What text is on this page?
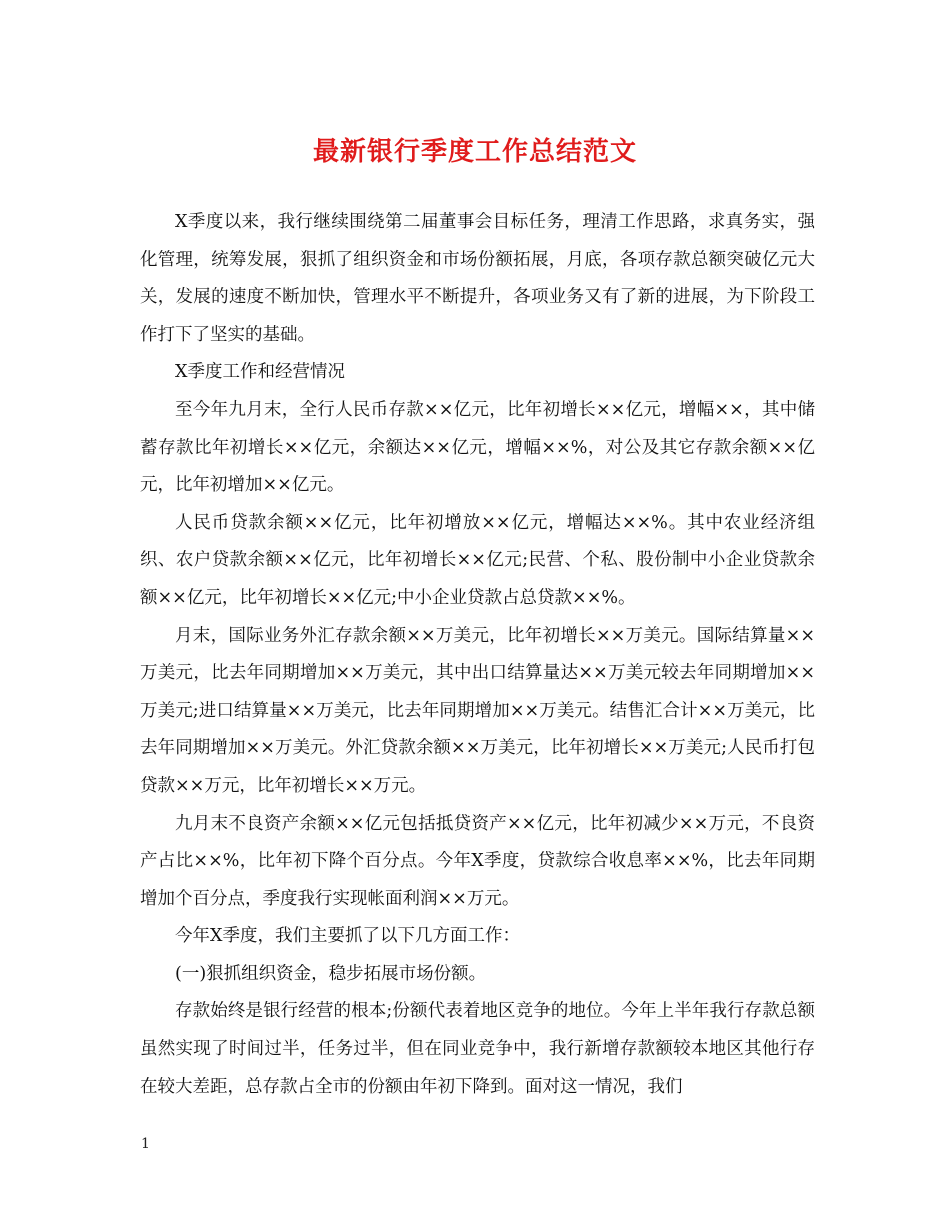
最新银行季度工作总结范文

X季度以来，我行继续围绕第二届董事会目标任务，理清工作思路，求真务实，强化管理，统筹发展，狠抓了组织资金和市场份额拓展，月底，各项存款总额突破亿元大关，发展的速度不断加快，管理水平不断提升，各项业务又有了新的进展，为下阶段工作打下了坚实的基础。

X季度工作和经营情况

至今年九月末，全行人民币存款××亿元，比年初增长××亿元，增幅××，其中储蓄存款比年初增长××亿元，余额达××亿元，增幅××%，对公及其它存款余额××亿元，比年初增加××亿元。

人民币贷款余额××亿元，比年初增放××亿元，增幅达××%。其中农业经济组织、农户贷款余额××亿元，比年初增长××亿元;民营、个私、股份制中小企业贷款余额××亿元，比年初增长××亿元;中小企业贷款占总贷款××%。

月末，国际业务外汇存款余额××万美元，比年初增长××万美元。国际结算量××万美元，比去年同期增加××万美元，其中出口结算量达××万美元较去年同期增加××万美元;进口结算量××万美元，比去年同期增加××万美元。结售汇合计××万美元，比去年同期增加××万美元。外汇贷款余额××万美元，比年初增长××万美元;人民币打包贷款××万元，比年初增长××万元。

九月末不良资产余额××亿元包括抵贷资产××亿元，比年初减少××万元，不良资产占比××%，比年初下降个百分点。今年X季度，贷款综合收息率××%，比去年同期增加个百分点，季度我行实现帐面利润××万元。

今年X季度，我们主要抓了以下几方面工作：

(一)狠抓组织资金，稳步拓展市场份额。

存款始终是银行经营的根本;份额代表着地区竞争的地位。今年上半年我行存款总额虽然实现了时间过半，任务过半，但在同业竞争中，我行新增存款额较本地区其他行存在较大差距，总存款占全市的份额由年初下降到。面对这一情况，我们

1
